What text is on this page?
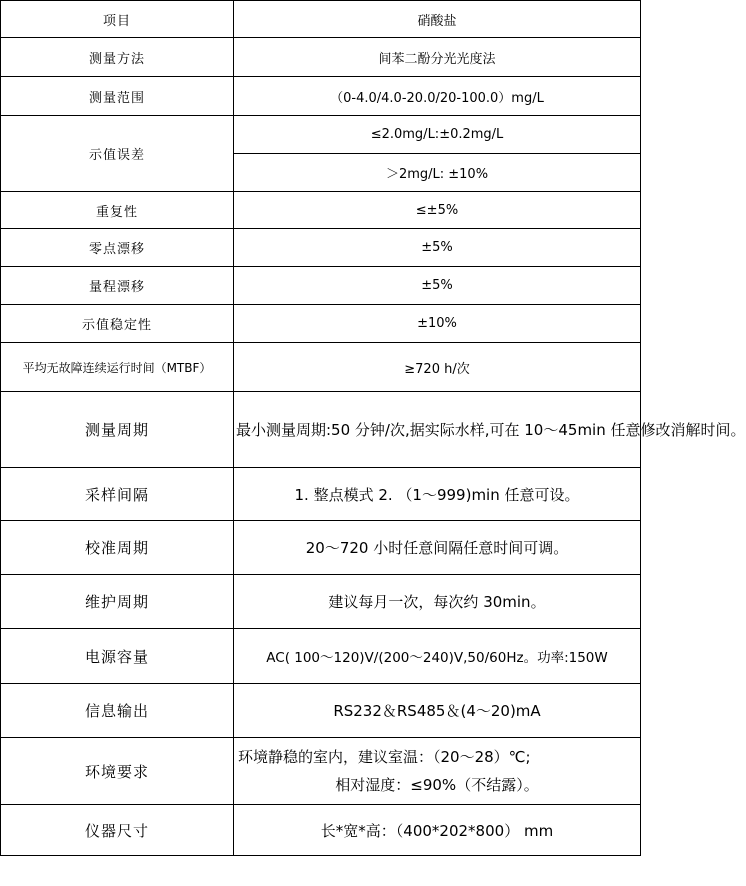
项目	硝酸盐
测量方法	间苯二酚分光光度法
测量范围	（0-4.0/4.0-20.0/20-100.0）mg/L
示值误差	≤2.0mg/L:±0.2mg/L
	＞2mg/L: ±10%
重复性	≤±5%
零点漂移	±5%
量程漂移	±5%
示值稳定性	±10%
平均无故障连续运行时间（MTBF）	≥720 h/次
测量周期	最小测量周期:50 分钟/次,据实际水样,可在 10～45min 任意修改消解时间。
采样间隔	1. 整点模式 2. （1～999)min 任意可设。
校准周期	20～720 小时任意间隔任意时间可调。
维护周期	建议每月一次，每次约 30min。
电源容量	AC( 100～120)V/(200～240)V,50/60Hz。功率:150W
信息输出	RS232＆RS485＆(4～20)mA
环境要求	环境静稳的室内，建议室温：（20～28）℃;
相对湿度：≤90%（不结露）。

仪器尺寸	长*宽*高：（400*202*800） mm
